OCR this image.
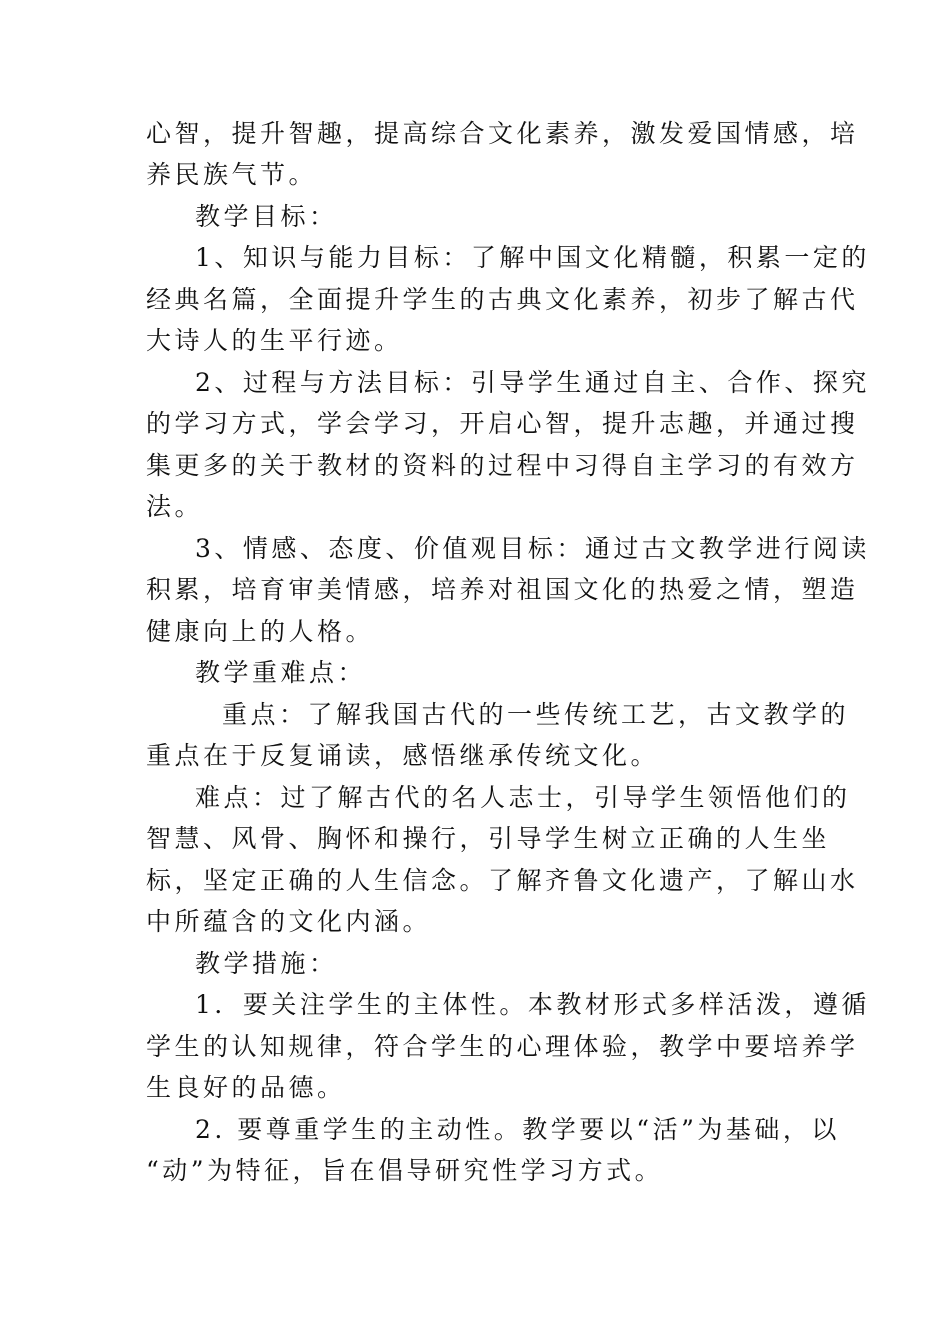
心智，提升智趣，提高综合文化素养，激发爱国情感，培
养民族气节。
教学目标：
1、知识与能力目标：了解中国文化精髓，积累一定的
经典名篇，全面提升学生的古典文化素养，初步了解古代
大诗人的生平行迹。
2、过程与方法目标：引导学生通过自主、合作、探究
的学习方式，学会学习，开启心智，提升志趣，并通过搜
集更多的关于教材的资料的过程中习得自主学习的有效方
法。
3、情感、态度、价值观目标：通过古文教学进行阅读
积累，培育审美情感，培养对祖国文化的热爱之情，塑造
健康向上的人格。
教学重难点：
重点：了解我国古代的一些传统工艺，古文教学的
重点在于反复诵读，感悟继承传统文化。
难点：过了解古代的名人志士，引导学生领悟他们的
智慧、风骨、胸怀和操行，引导学生树立正确的人生坐
标，坚定正确的人生信念。了解齐鲁文化遗产，了解山水
中所蕴含的文化内涵。
教学措施：
1．要关注学生的主体性。本教材形式多样活泼，遵循
学生的认知规律，符合学生的心理体验，教学中要培养学
生良好的品德。
2. 要尊重学生的主动性。教学要以“活”为基础，以
“动”为特征，旨在倡导研究性学习方式。
